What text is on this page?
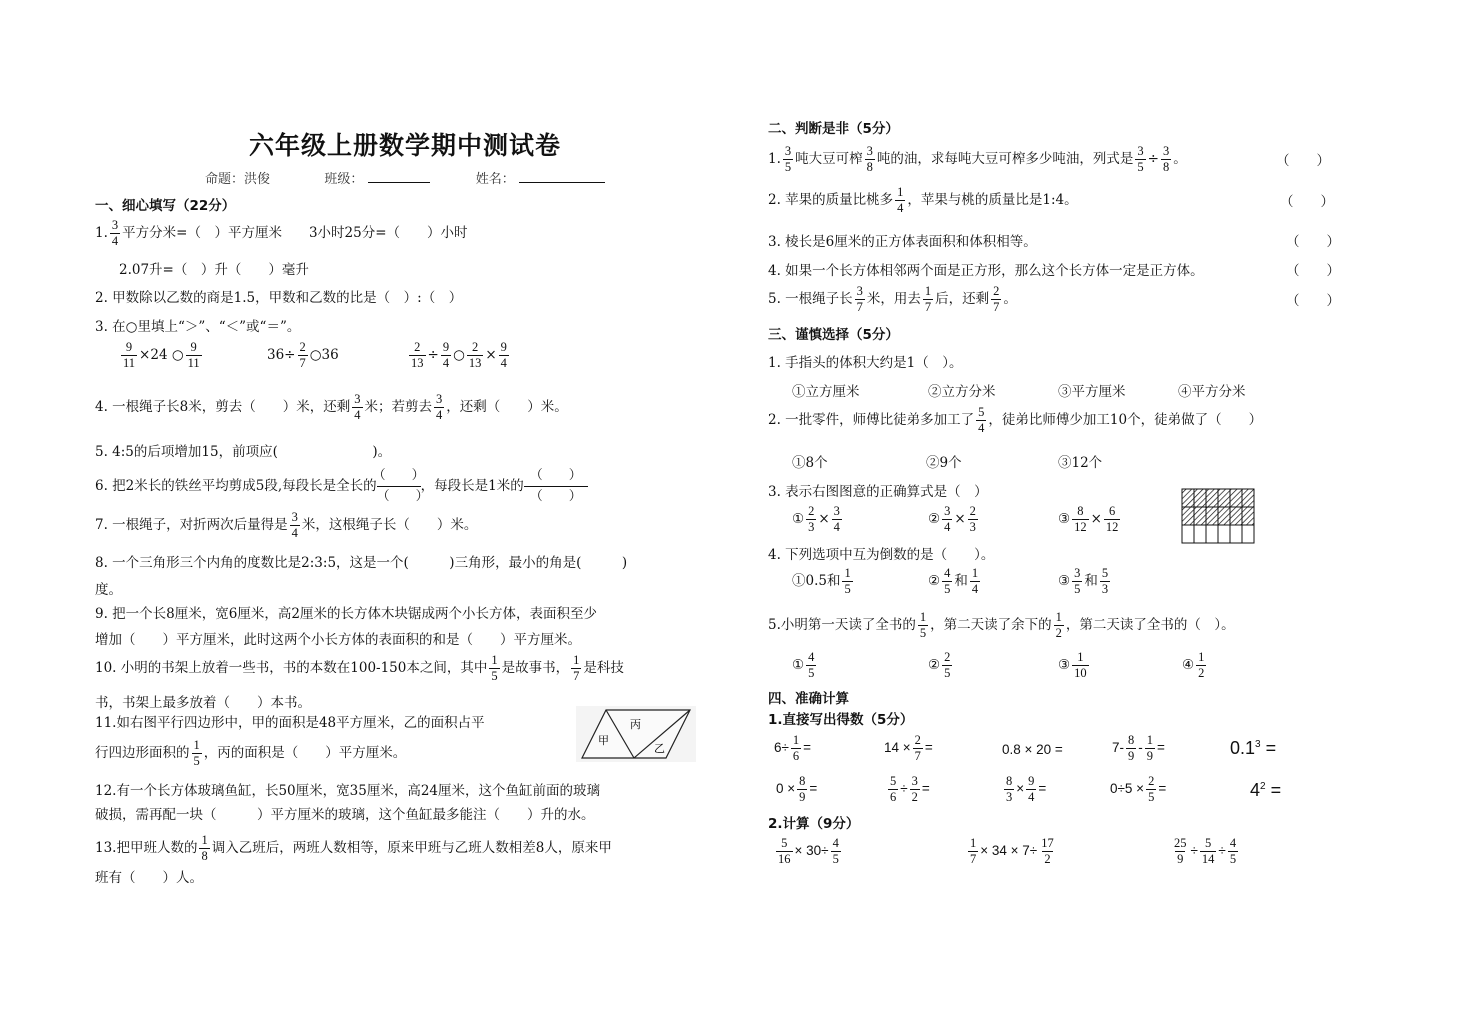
六年级上册数学期中测试卷
命题：洪俊	班级：	姓名：
一、细心填写（22分）
1. $\frac{3}{4}$ 平方分米=（　）平方厘米　　3小时25分=（　　）小时
2.07升=（　）升（　　）毫升
2. 甲数除以乙数的商是1.5，甲数和乙数的比是（　）:（　）
3. 在○里填上“＞”、“＜”或“＝”。
$\frac{9}{11} \times 24$ ○ $\frac{9}{11}$	$36\div \frac{2}{7}$ ○36	$\frac{2}{13} \div \frac{9}{4}$ ○ $\frac{2}{13} \times \frac{9}{4}$
4. 一根绳子长8米，剪去（　　）米，还剩 $\frac{3}{4}$ 米；若剪去 $\frac{3}{4}$ ，还剩（　　）米。
5. 4:5的后项增加15，前项应(　　　　　　　)。
6. 把2米长的铁丝平均剪成5段,每段长是全长的
（　　）
（　　）
，每段长是1米的
（　　）
（　　）
7. 一根绳子，对折两次后量得是 $\frac{3}{4}$ 米，这根绳子长（　　）米。
8. 一个三角形三个内角的度数比是2:3:5，这是一个(　　　)三角形，最小的角是(　　　)
度。
9. 把一个长8厘米，宽6厘米，高2厘米的长方体木块锯成两个小长方体，表面积至少
增加（　　）平方厘米，此时这两个小长方体的表面积的和是（　　）平方厘米。
10. 小明的书架上放着一些书，书的本数在100-150本之间，其中 $\frac{1}{5}$ 是故事书， $\frac{1}{7}$ 是科技
书，书架上最多放着（　　）本书。
11.如右图平行四边形中，甲的面积是48平方厘米，乙的面积占平
行四边形面积的 $\frac{1}{5}$ ，丙的面积是（　　）平方厘米。
12.有一个长方体玻璃鱼缸，长50厘米，宽35厘米，高24厘米，这个鱼缸前面的玻璃
破损，需再配一块（　　　）平方厘米的玻璃，这个鱼缸最多能注（　　）升的水。
13.把甲班人数的 $\frac{1}{8}$ 调入乙班后，两班人数相等，原来甲班与乙班人数相差8人，原来甲
班有（　　）人。
丙
甲
乙
二、判断是非（5分）
1. $\frac{3}{5}$ 吨大豆可榨 $\frac{3}{8}$ 吨的油，求每吨大豆可榨多少吨油，列式是 $\frac{3}{5} \div \frac{3}{8}$ 。	（　　）
2. 苹果的质量比桃多 $\frac{1}{4}$ ，苹果与桃的质量比是1:4。	（　　）
3. 棱长是6厘米的正方体表面积和体积相等。	（　　）
4. 如果一个长方体相邻两个面是正方形，那么这个长方体一定是正方体。	（　　）
5. 一根绳子长 $\frac{3}{7}$ 米，用去 $\frac{1}{7}$ 后，还剩 $\frac{2}{7}$ 。	（　　）
三、谨慎选择（5分）
1. 手指头的体积大约是1（　）。
①立方厘米	②立方分米	③平方厘米	④平方分米
2. 一批零件，师傅比徒弟多加工了 $\frac{5}{4}$ ，徒弟比师傅少加工10个，徒弟做了（　　）
①8个	②9个	③12个
3. 表示右图图意的正确算式是（　）
① $\frac{2}{3} \times \frac{3}{4}$	② $\frac{3}{4} \times \frac{2}{3}$	③ $\frac{8}{12} \times \frac{6}{12}$
4. 下列选项中互为倒数的是（　　）。
①0.5和 $\frac{1}{5}$	② $\frac{4}{5}$ 和 $\frac{1}{4}$	③ $\frac{3}{5}$ 和 $\frac{5}{3}$
5.小明第一天读了全书的 $\frac{1}{5}$ ，第二天读了余下的 $\frac{1}{2}$ ，第二天读了全书的（　）。
① $\frac{4}{5}$	② $\frac{2}{5}$	③ $\frac{1}{10}$	④ $\frac{1}{2}$
四、准确计算
1.直接写出得数（5分）
$6\div \frac{1}{6}$ =	$14 \times \frac{2}{7}$ =	0.8 × 20 =	$7- \frac{8}{9} - \frac{1}{9}$ =	$0.1^3$ =
$0 \times \frac{8}{9}$ =	$\frac{5}{6} \div \frac{3}{2}$ =	$\frac{8}{3} \times \frac{9}{4}$ =	$0\div 5 \times \frac{2}{5}$ =	$4^2$ =
2.计算（9分）
$\frac{5}{16} \times 30\div \frac{4}{5}$	$\frac{1}{7} \times 34 \times 7\div \frac{17}{2}$	$\frac{25}{9} \div \frac{5}{14} \div \frac{4}{5}$
